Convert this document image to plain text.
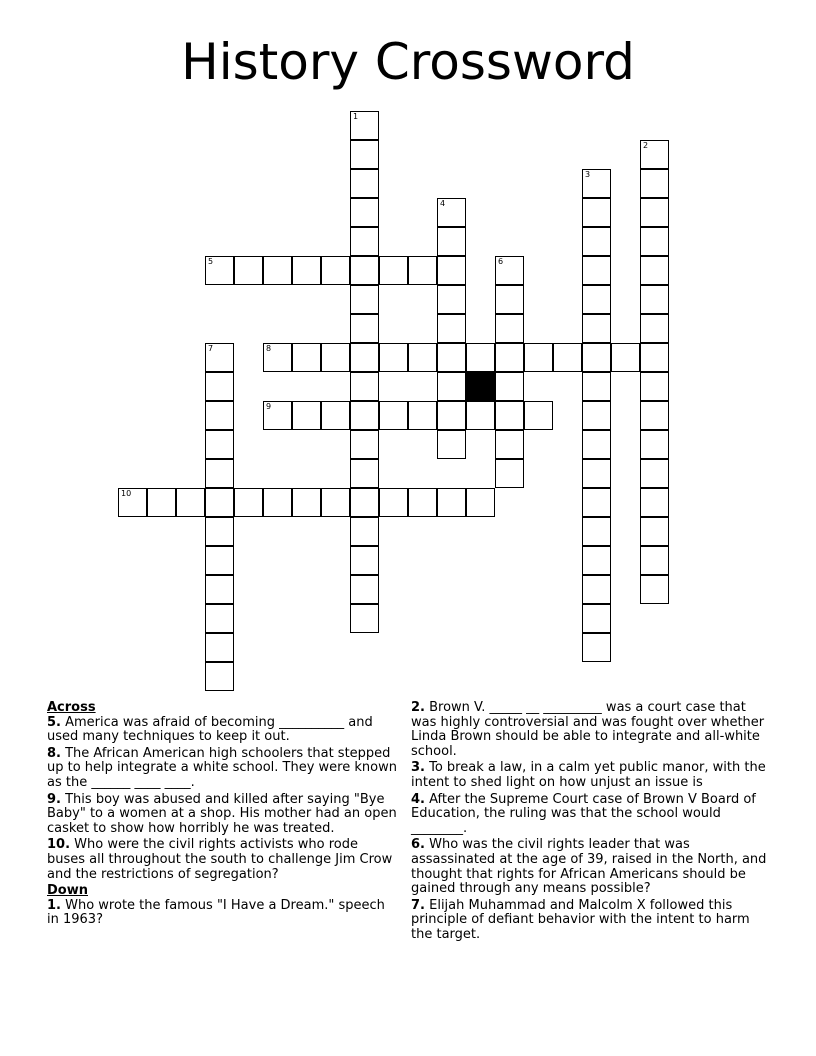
History Crossword
1
2
3
4
5	6
7	8
9
10
Across
5. America was afraid of becoming __________ and used many techniques to keep it out.
8. The African American high schoolers that stepped up to help integrate a white school. They were known as the ______ ____ ____.
9. This boy was abused and killed after saying "Bye Baby" to a women at a shop. His mother had an open casket to show how horribly he was treated.
10. Who were the civil rights activists who rode buses all throughout the south to challenge Jim Crow and the restrictions of segregation?
Down
1. Who wrote the famous "I Have a Dream." speech in 1963?
2. Brown V. _____ __ _________ was a court case that was highly controversial and was fought over whether Linda Brown should be able to integrate and all-white school.
3. To break a law, in a calm yet public manor, with the intent to shed light on how unjust an issue is
4. After the Supreme Court case of Brown V Board of Education, the ruling was that the school would ________.
6. Who was the civil rights leader that was assassinated at the age of 39, raised in the North, and thought that rights for African Americans should be gained through any means possible?
7. Elijah Muhammad and Malcolm X followed this principle of defiant behavior with the intent to harm the target.
